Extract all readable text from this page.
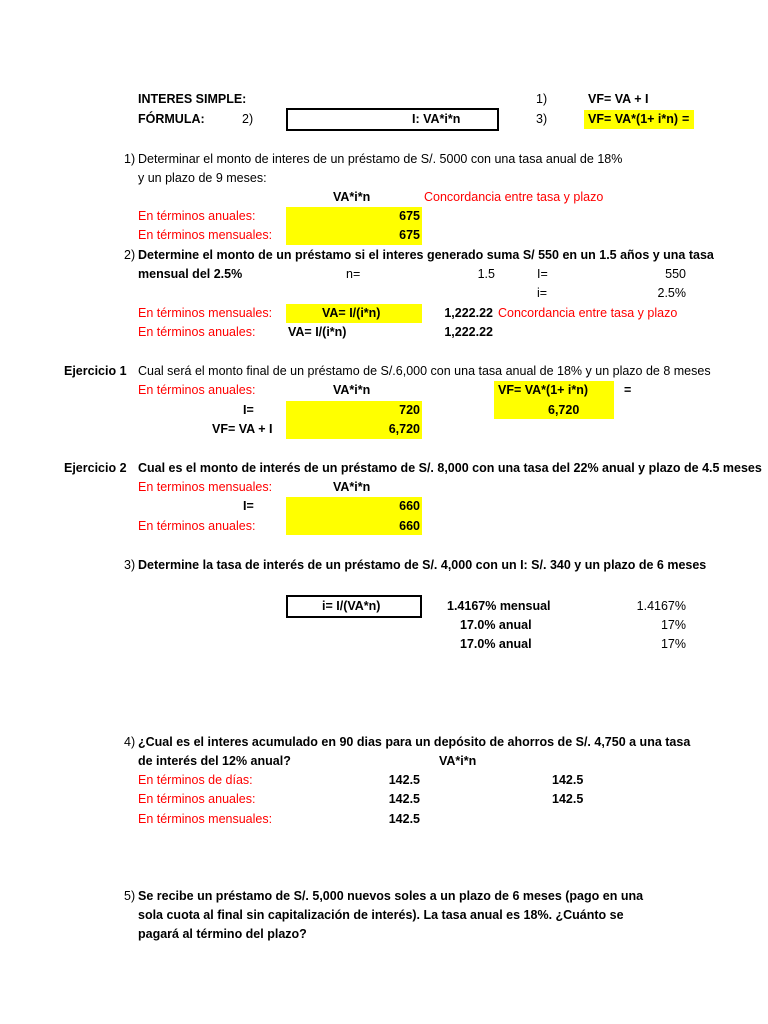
INTERES SIMPLE:
FÓRMULA:	2)	I: VA*i*n
1)	VF= VA + I
3)	VF= VA*(1+ i*n) =
1) Determinar el monto de interes de un préstamo de S/. 5000 con una tasa anual de 18%
y un plazo de 9 meses:
VA*i*n	Concordancia entre tasa y plazo
En términos anuales:	675
En términos mensuales:	675
2) Determine el monto de un préstamo si el interes generado suma S/ 550 en un 1.5 años y una tasa
mensual del 2.5%	n=	1.5	I=	550
i=	2.5%
En términos mensuales:	VA= I/(i*n)	1,222.22 Concordancia entre tasa y plazo
En términos anuales:	VA= I/(i*n)	1,222.22
Ejercicio 1 Cual será el monto final de un préstamo de S/.6,000 con una tasa anual de 18% y un plazo de 8 meses
En términos anuales:	VA*i*n	VF= VA*(1+ i*n)	=
I=	720	6,720
VF= VA + I	6,720
Ejercicio 2 Cual es el monto de interés de un préstamo de S/. 8,000 con una tasa del 22% anual y plazo de 4.5 meses
En terminos mensuales:	VA*i*n
I=	660
En términos anuales:	660
3) Determine la tasa de interés de un préstamo de S/. 4,000 con un I: S/. 340 y un plazo de 6 meses
i= I/(VA*n)	1.4167% mensual	1.4167%
17.0% anual	17%
17.0% anual	17%
4) ¿Cual es el interes acumulado en 90 dias para un depósito de ahorros de S/. 4,750 a una tasa
de interés del 12% anual?	VA*i*n
En términos de días:	142.5	142.5
En términos anuales:	142.5	142.5
En términos mensuales:	142.5
5) Se recibe un préstamo de S/. 5,000 nuevos soles a un plazo de 6 meses (pago en una
sola cuota al final sin capitalización de interés). La tasa anual es 18%. ¿Cuánto se
pagará al término del plazo?
